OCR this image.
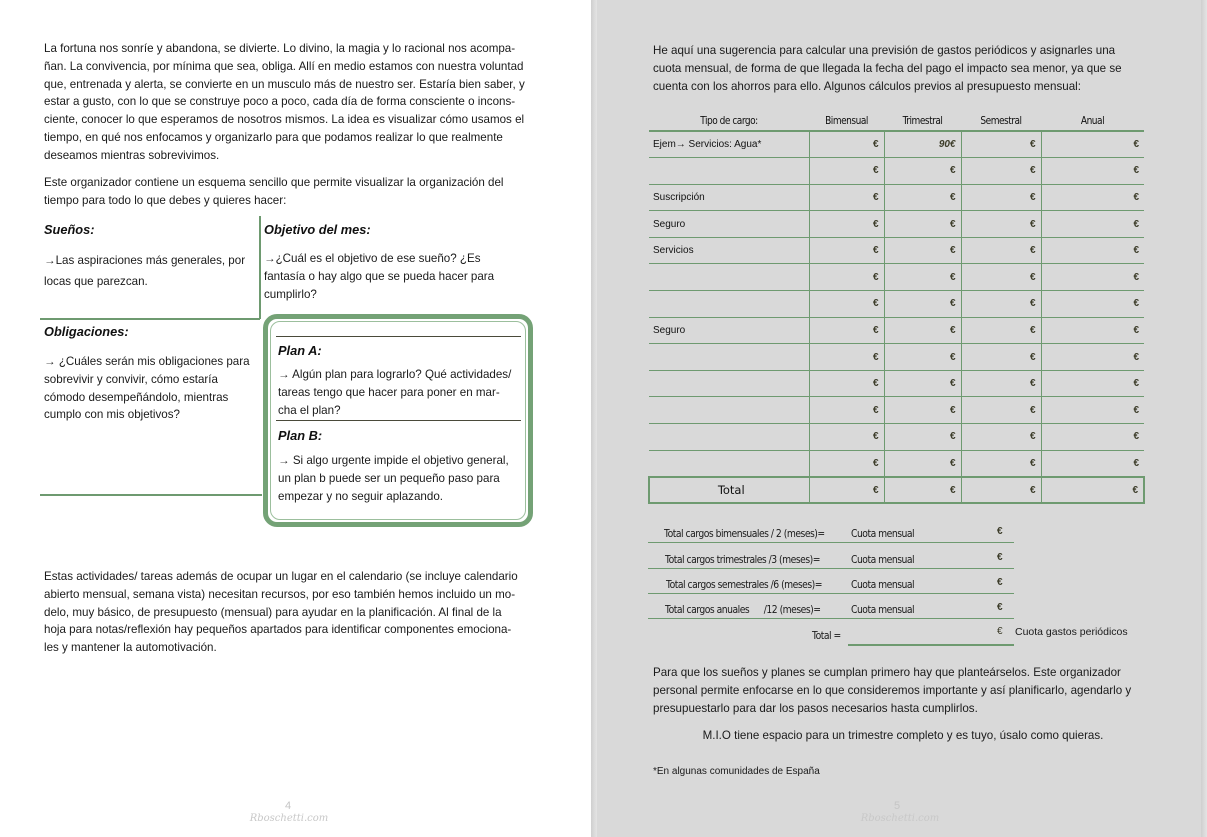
La fortuna nos sonríe y abandona, se divierte. Lo divino, la magia y lo racional nos acompa-
ñan. La convivencia, por mínima que sea, obliga. Allí en medio estamos con nuestra voluntad
que, entrenada y alerta, se convierte en un musculo más de nuestro ser. Estaría bien saber, y
estar a gusto, con lo que se construye poco a poco, cada día de forma consciente o incons-
ciente, conocer lo que esperamos de nosotros mismos. La idea es visualizar cómo usamos el
tiempo, en qué nos enfocamos y organizarlo para que podamos realizar lo que realmente
deseamos mientras sobrevivimos.
Este organizador contiene un esquema sencillo que permite visualizar la organización del
tiempo para todo lo que debes y quieres hacer:
Sueños:
→Las aspiraciones más generales, por
locas que parezcan.
Objetivo del mes:
→¿Cuál es el objetivo de ese sueño? ¿Es
fantasía o hay algo que se pueda hacer para
cumplirlo?
Obligaciones:
→ ¿Cuáles serán mis obligaciones para
sobrevivir y convivir, cómo estaría
cómodo desempeñándolo, mientras
cumplo con mis objetivos?
Plan A:
→ Algún plan para lograrlo? Qué actividades/
tareas tengo que hacer para poner en mar-
cha el plan?
Plan B:
→ Si algo urgente impide el objetivo general,
un plan b puede ser un pequeño paso para
empezar y no seguir aplazando.
Estas actividades/ tareas además de ocupar un lugar en el calendario (se incluye calendario
abierto mensual, semana vista) necesitan recursos, por eso también hemos incluido un mo-
delo, muy básico, de presupuesto (mensual) para ayudar en la planificación. Al final de la
hoja para notas/reflexión hay pequeños apartados para identificar componentes emociona-
les y mantener la automotivación.
4
Rboschetti.com
He aquí una sugerencia para calcular una previsión de gastos periódicos y asignarles una
cuota mensual, de forma de que llegada la fecha del pago el impacto sea menor, ya que se
cuenta con los ahorros para ello. Algunos cálculos previos al presupuesto mensual:
Tipo de cargo:	Bimensual	Trimestral	Semestral	Anual
Ejem→ Servicios: Agua*	€	90€	€	€
	€	€	€	€
Suscripción	€	€	€	€
Seguro	€	€	€	€
Servicios	€	€	€	€
	€	€	€	€
	€	€	€	€
Seguro	€	€	€	€
	€	€	€	€
	€	€	€	€
	€	€	€	€
	€	€	€	€
	€	€	€	€
Total	€	€	€	€
Total cargos bimensuales / 2 (meses)=	Cuota mensual	€
Total cargos trimestrales /3 (meses)=	Cuota mensual	€
Total cargos semestrales /6 (meses)=	Cuota mensual	€
Total cargos anuales      /12 (meses)=	Cuota mensual	€
Total =	€ Cuota gastos periódicos
Para que los sueños y planes se cumplan primero hay que planteárselos. Este organizador
personal permite enfocarse en lo que consideremos importante y así planificarlo, agendarlo y
presupuestarlo para dar los pasos necesarios hasta cumplirlos.
M.I.O tiene espacio para un trimestre completo y es tuyo, úsalo como quieras.
*En algunas comunidades de España
5
Rboschetti.com
